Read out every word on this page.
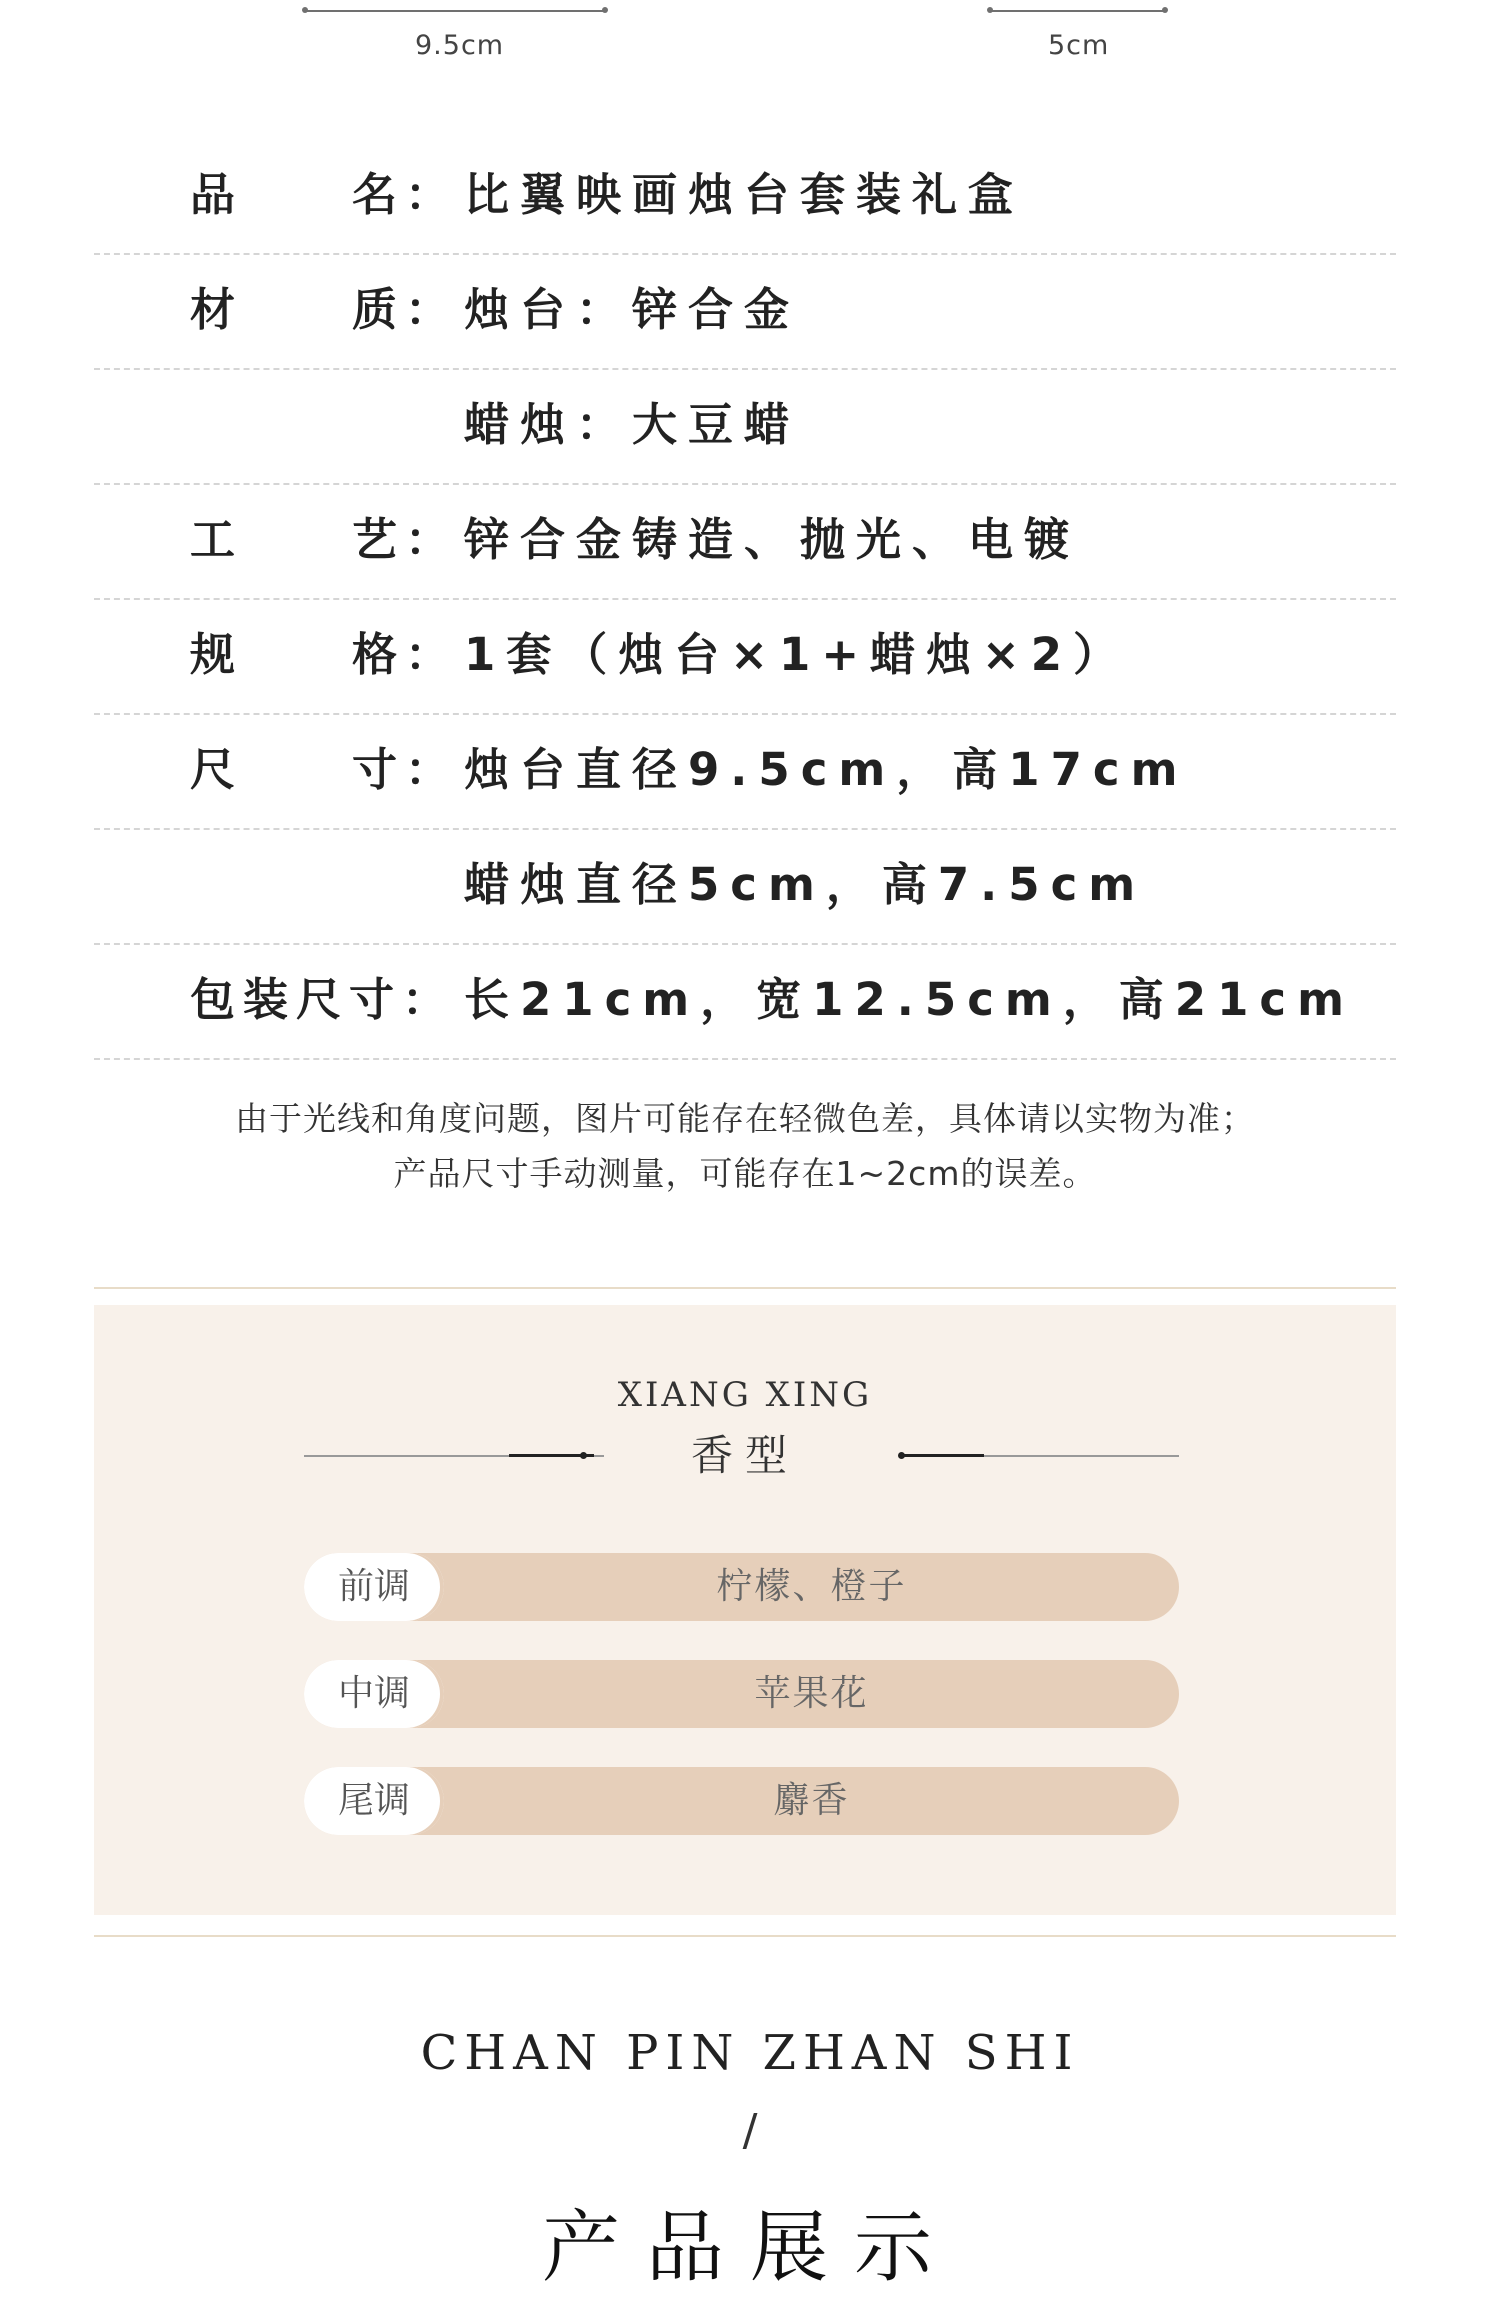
9.5cm	5cm
品 名： 比翼映画烛台套装礼盒
材 质： 烛台：锌合金
蜡烛：大豆蜡
工 艺： 锌合金铸造、抛光、电镀
规 格： 1套（烛台×1+蜡烛×2）
尺 寸： 烛台直径9.5cm，高17cm
蜡烛直径5cm，高7.5cm
包装尺寸： 长21cm，宽12.5cm，高21cm
由于光线和角度问题，图片可能存在轻微色差，具体请以实物为准；
产品尺寸手动测量，可能存在1~2cm的误差。
XIANG XING
香型
前调	柠檬、橙子
中调	苹果花
尾调	麝香
CHAN PIN ZHAN SHI
/
产品展示
